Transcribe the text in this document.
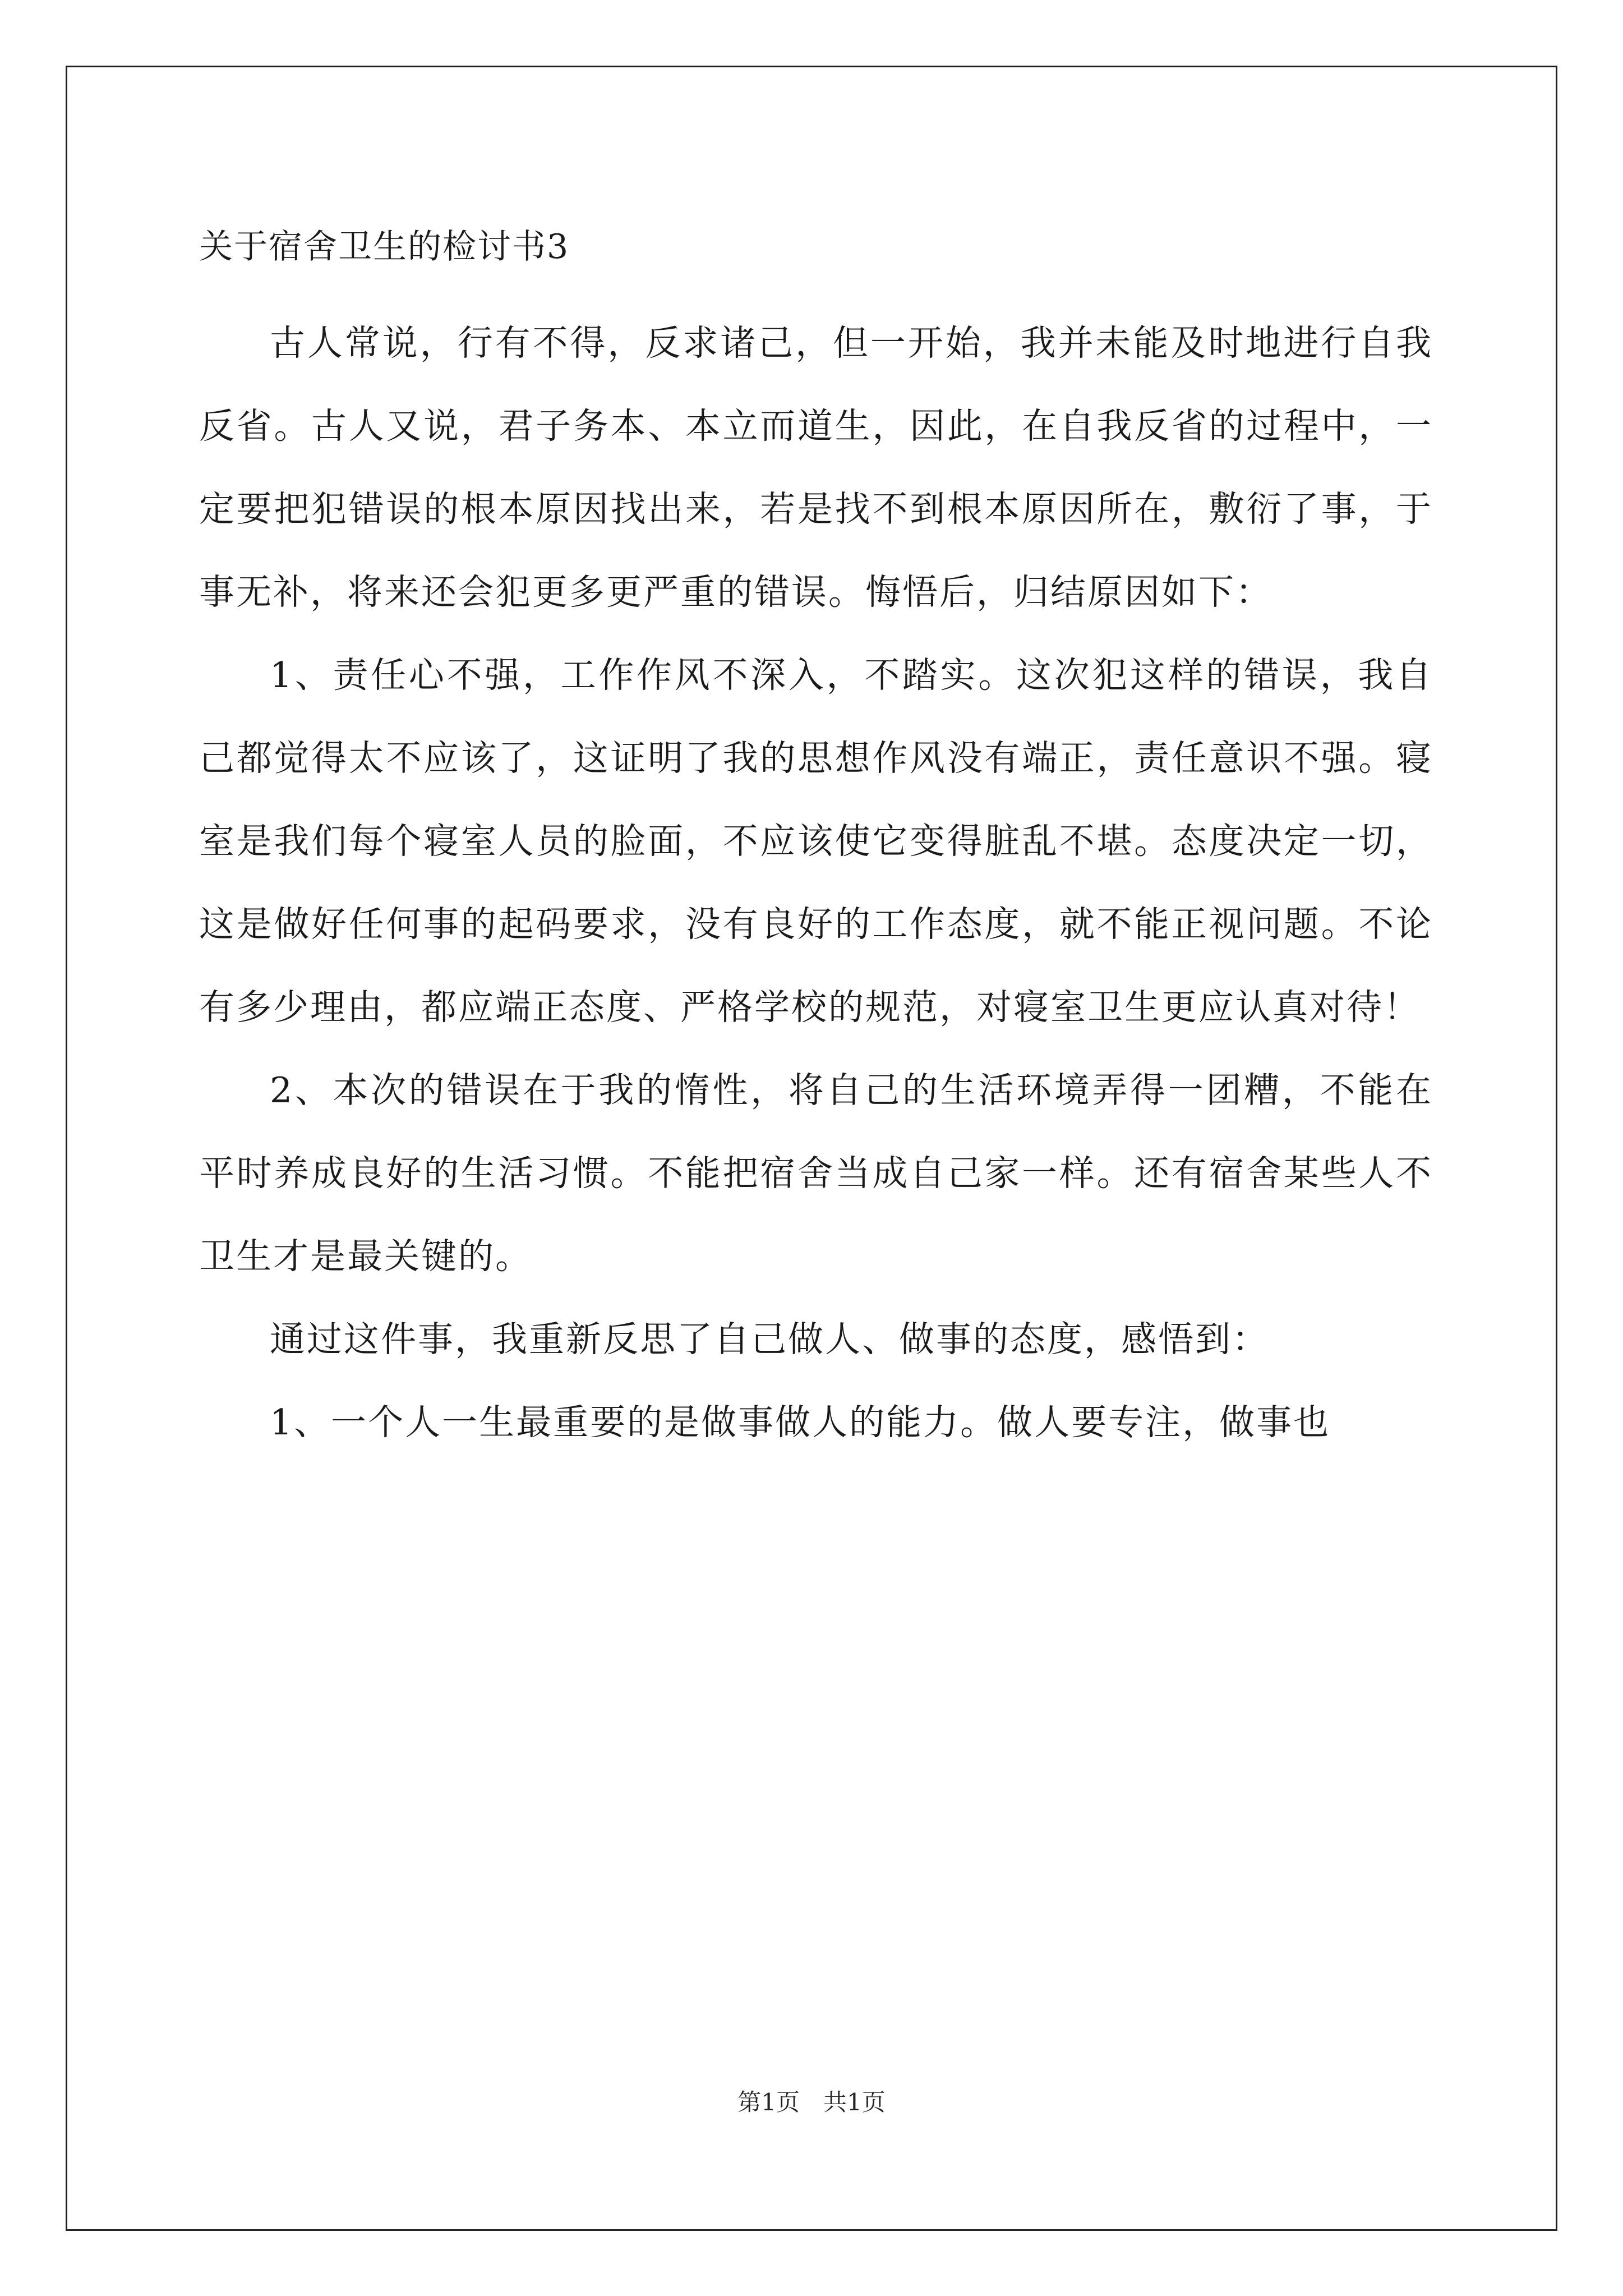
关于宿舍卫生的检讨书3

古人常说，行有不得，反求诸己，但一开始，我并未能及时地进行自我反省。古人又说，君子务本、本立而道生，因此，在自我反省的过程中，一定要把犯错误的根本原因找出来，若是找不到根本原因所在，敷衍了事，于事无补，将来还会犯更多更严重的错误。悔悟后，归结原因如下：

1、责任心不强，工作作风不深入，不踏实。这次犯这样的错误，我自己都觉得太不应该了，这证明了我的思想作风没有端正，责任意识不强。寝室是我们每个寝室人员的脸面，不应该使它变得脏乱不堪。态度决定一切，这是做好任何事的起码要求，没有良好的工作态度，就不能正视问题。不论有多少理由，都应端正态度、严格学校的规范，对寝室卫生更应认真对待！

2、本次的错误在于我的惰性，将自己的生活环境弄得一团糟，不能在平时养成良好的生活习惯。不能把宿舍当成自己家一样。还有宿舍某些人不卫生才是最关键的。

通过这件事，我重新反思了自己做人、做事的态度，感悟到：

1、一个人一生最重要的是做事做人的能力。做人要专注，做事也

第1页 共1页
